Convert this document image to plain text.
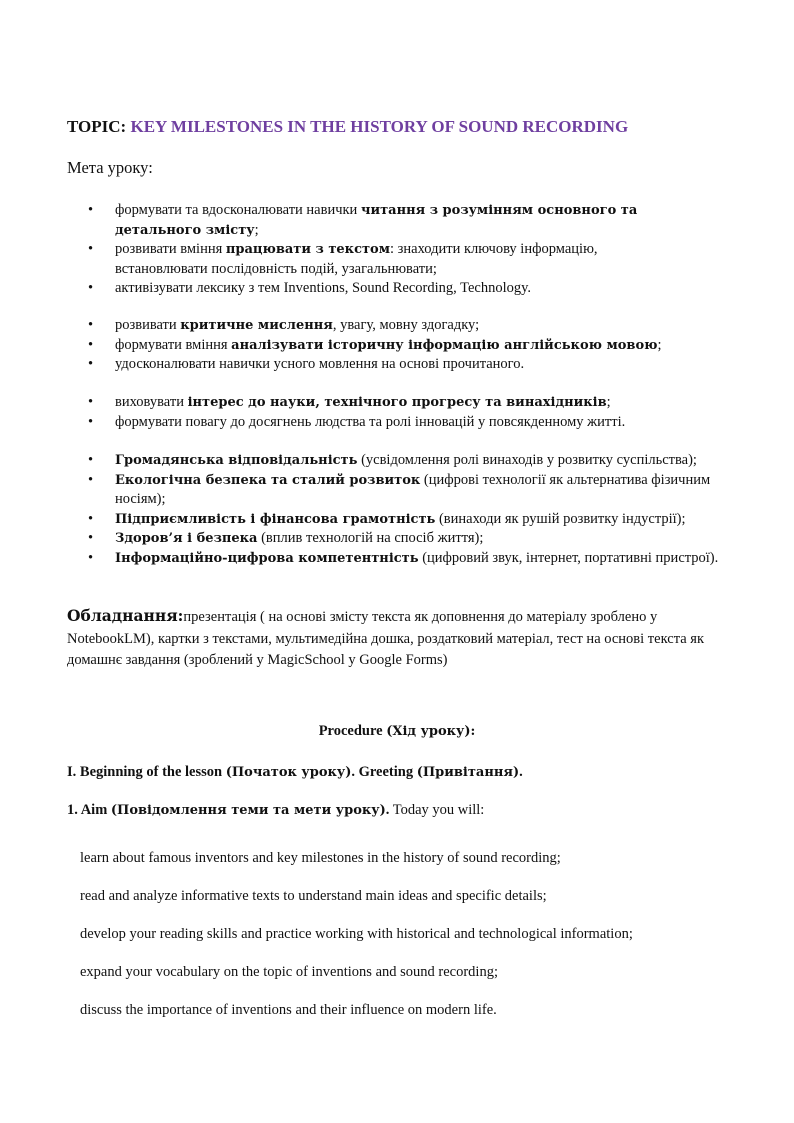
TOPIC: KEY MILESTONES IN THE HISTORY OF SOUND RECORDING
Мета уроку:
• формувати та вдосконалювати навички читання з розумінням основного та детального змісту;
• розвивати вміння працювати з текстом: знаходити ключову інформацію, встановлювати послідовність подій, узагальнювати;
• активізувати лексику з тем Inventions, Sound Recording, Technology.
• розвивати критичне мислення, увагу, мовну здогадку;
• формувати вміння аналізувати історичну інформацію англійською мовою;
• удосконалювати навички усного мовлення на основі прочитаного.
• виховувати інтерес до науки, технічного прогресу та винахідників;
• формувати повагу до досягнень людства та ролі інновацій у повсякденному житті.
• Громадянська відповідальність (усвідомлення ролі винаходів у розвитку суспільства);
• Екологічна безпека та сталий розвиток (цифрові технології як альтернатива фізичним носіям);
• Підприємливість і фінансова грамотність (винаходи як рушій розвитку індустрії);
• Здоров’я і безпека (вплив технологій на спосіб життя);
• Інформаційно-цифрова компетентність (цифровий звук, інтернет, портативні пристрої).
Обладнання:презентація ( на основі змісту текста як доповнення до матеріалу зроблено у NotebookLM), картки з текстами, мультимедійна дошка, роздатковий матеріал, тест на основі текста як домашнє завдання (зроблений у MagicSchool у Google Forms)
Procedure (Хід уроку):
I. Beginning of the lesson (Початок уроку). Greeting (Привітання).
1. Aim (Повідомлення теми та мети уроку). Today you will:
learn about famous inventors and key milestones in the history of sound recording;
read and analyze informative texts to understand main ideas and specific details;
develop your reading skills and practice working with historical and technological information;
expand your vocabulary on the topic of inventions and sound recording;
discuss the importance of inventions and their influence on modern life.
